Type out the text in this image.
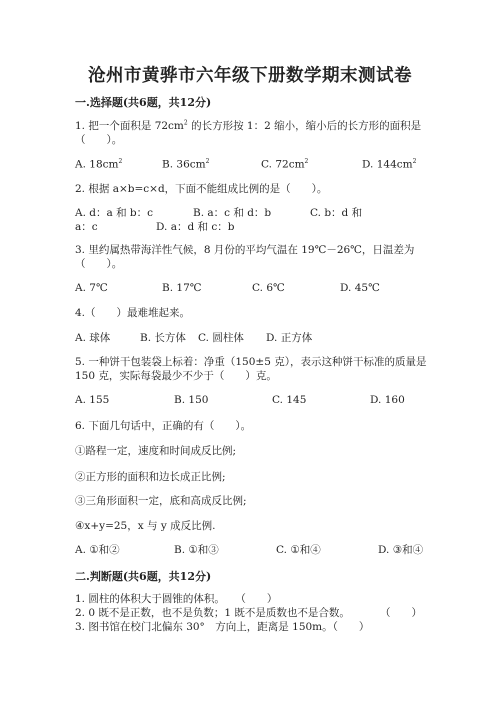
沧州市黄骅市六年级下册数学期末测试卷
一.选择题(共6题，共12分)
1. 把一个面积是 $72cm^2$ 的长方形按 1：2 缩小，缩小后的长方形的面积是
（　　）。
A. $18cm^2$	B. $36cm^2$	C. $72cm^2$	D. $144cm^2$
2. 根据 a×b=c×d，下面不能组成比例的是（　　）。
A. d：a 和 b：c	B. a：c 和 d：b	C. b：d 和
a：c	D. a：d 和 c：b
3. 里约属热带海洋性气候，8 月份的平均气温在 19℃－26℃，日温差为
（　　）。
A. 7℃	B. 17℃	C. 6℃	D. 45℃
4.（　　）最难堆起来。
A. 球体	B. 长方体 C. 圆柱体 D. 正方体
5. 一种饼干包装袋上标着：净重（150±5 克），表示这种饼干标准的质量是
150 克，实际每袋最少不少于（　　）克。
A. 155	B. 150	C. 145	D. 160
6. 下面几句话中，正确的有（　　）。
①路程一定，速度和时间成反比例;
②正方形的面积和边长成正比例;
③三角形面积一定，底和高成反比例;
④x+y=25，x 与 y 成反比例.
A. ①和②	B. ①和③	C. ①和④	D. ③和④
二.判断题(共6题，共12分)
1. 圆柱的体积大于圆锥的体积。　　（　　）
2. 0 既不是正数，也不是负数；1 既不是质数也不是合数。	（　　）
3. 图书馆在校门北偏东 30°　方向上，距离是 150m。（　　）
